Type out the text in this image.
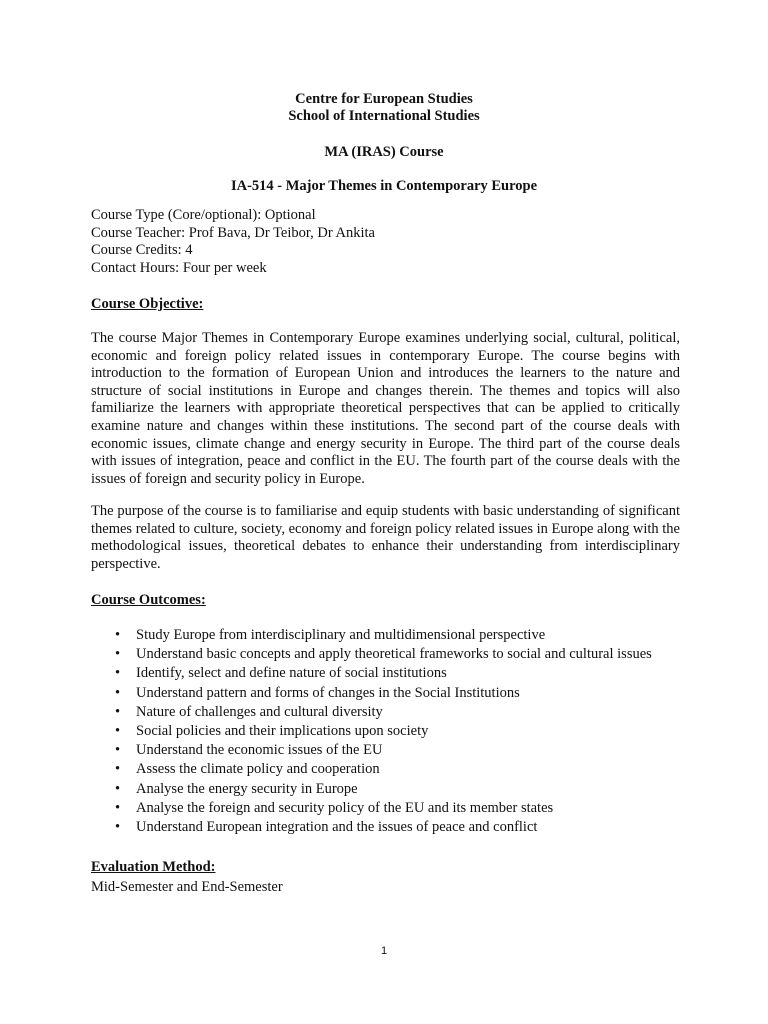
Centre for European Studies
School of International Studies
MA (IRAS) Course
IA-514 - Major Themes in Contemporary Europe
Course Type (Core/optional): Optional
Course Teacher: Prof Bava, Dr Teibor, Dr Ankita
Course Credits: 4
Contact Hours: Four per week
Course Objective:
The course Major Themes in Contemporary Europe examines underlying social, cultural, political, economic and foreign policy related issues in contemporary Europe. The course begins with introduction to the formation of European Union and introduces the learners to the nature and structure of social institutions in Europe and changes therein. The themes and topics will also familiarize the learners with appropriate theoretical perspectives that can be applied to critically examine nature and changes within these institutions. The second part of the course deals with economic issues, climate change and energy security in Europe. The third part of the course deals with issues of integration, peace and conflict in the EU. The fourth part of the course deals with the issues of foreign and security policy in Europe.
The purpose of the course is to familiarise and equip students with basic understanding of significant themes related to culture, society, economy and foreign policy related issues in Europe along with the methodological issues, theoretical debates to enhance their understanding from interdisciplinary perspective.
Course Outcomes:
• Study Europe from interdisciplinary and multidimensional perspective
• Understand basic concepts and apply theoretical frameworks to social and cultural issues
• Identify, select and define nature of social institutions
• Understand pattern and forms of changes in the Social Institutions
• Nature of challenges and cultural diversity
• Social policies and their implications upon society
• Understand the economic issues of the EU
• Assess the climate policy and cooperation
• Analyse the energy security in Europe
• Analyse the foreign and security policy of the EU and its member states
• Understand European integration and the issues of peace and conflict
Evaluation Method:
Mid-Semester and End-Semester
1
